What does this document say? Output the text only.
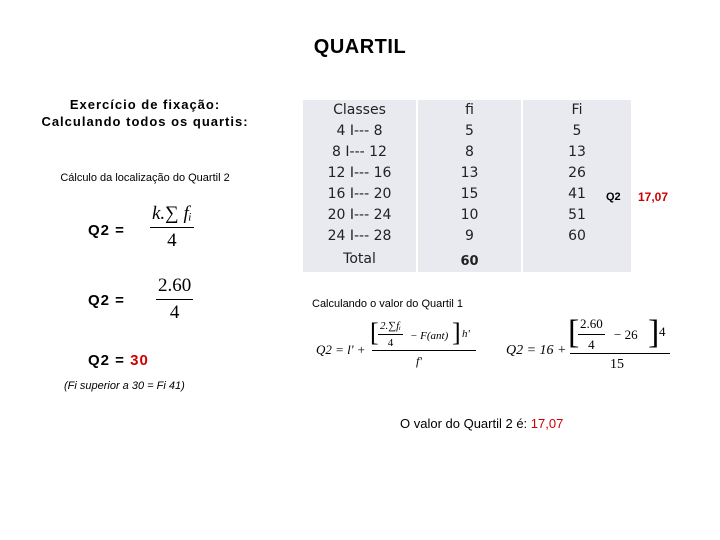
QUARTIL
Exercício de fixação:
Calculando todos os quartis:
Cálculo da localização do Quartil 2
$Q2 = \frac{\text{k.∑ fᵢ}}{4}$
$Q2 = \frac{2.60}{4}$
Q2 = 30
(Fi superior a 30 = Fi 41)
Classes
4 I--- 8
8 I--- 12
12 I--- 16
16 I--- 20
20 I--- 24
24 I--- 28
Total
fi
5
8
13
15
10
9
60
Fi
5
13
26
41
51
60
Q2 17,07
Calculando o valor do Quartil 1
Q2 = l' +
[ $\frac{\text{2.∑fᵢ}}{4} - F(ant)$ ] h'
f'
Q2 = 16 + [
$\frac{2.60}{4} - 26$ ] 4
15
O valor do Quartil 2 é: 17,07
